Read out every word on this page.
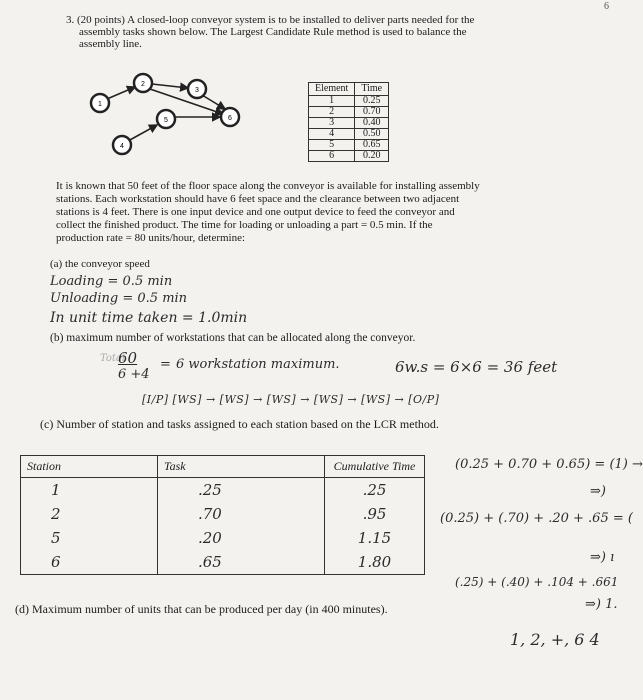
6
3. (20 points) A closed-loop conveyor system is to be installed to deliver parts needed for the
assembly tasks shown below. The Largest Candidate Rule method is used to balance the
assembly line.
1
2
3
4
5	6
Element	Time
1	0.25
2	0.70
3	0.40
4	0.50
5	0.65
6	0.20
It is known that 50 feet of the floor space along the conveyor is available for installing assembly
stations. Each workstation should have 6 feet space and the clearance between two adjacent
stations is 4 feet. There is one input device and one output device to feed the conveyor and
collect the finished product. The time for loading or unloading a part = 0.5 min. If the
production rate = 80 units/hour, determine:
(a) the conveyor speed
Loading = 0.5 min
Unloading = 0.5 min
In unit time taken = 1.0min
(b) maximum number of workstations that can be allocated along the conveyor.
Total
60
6 +4
= 6 workstation maximum.	6w.s = 6×6 = 36 feet
[I/P] [WS] → [WS] → [WS] → [WS] → [WS] → [O/P]
(c) Number of station and tasks assigned to each station based on the LCR method.
Station	Task	Cumulative Time
1	.25	.25
2	.70	.95
5	.20	1.15
6	.65	1.80
(0.25 + 0.70 + 0.65) = (1) →
⇒)
(0.25) + (.70) + .20 + .65 = (
⇒) ı
(.25) + (.40) + .104 + .661
⇒) 1.
(d) Maximum number of units that can be produced per day (in 400 minutes).
1, 2, +, 6 4
